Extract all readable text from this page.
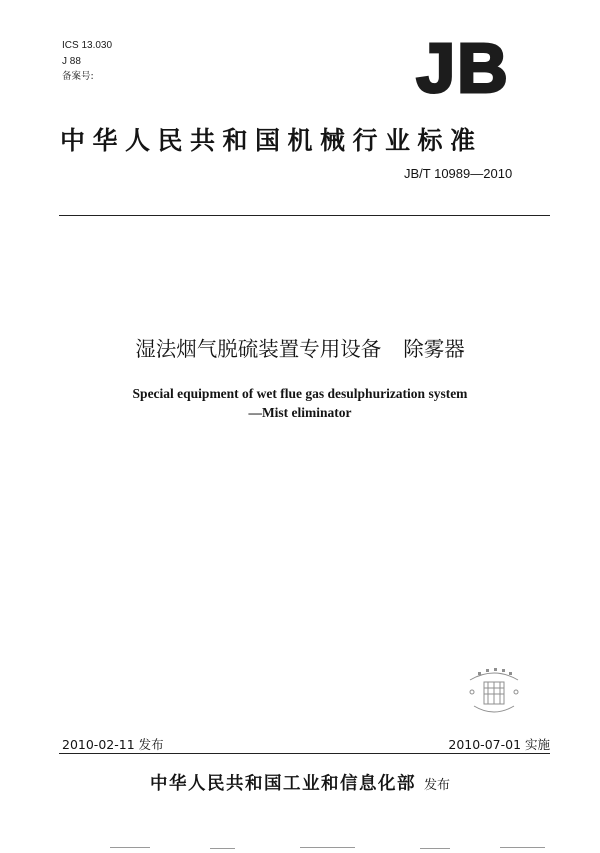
ICS 13.030
J 88
备案号:	JB
中华人民共和国机械行业标准
JB/T 10989—2010
湿法烟气脱硫装置专用设备 除雾器
Special equipment of wet flue gas desulphurization system
—Mist eliminator
2010-02-11 发布	2010-07-01 实施
中华人民共和国工业和信息化部 发布
